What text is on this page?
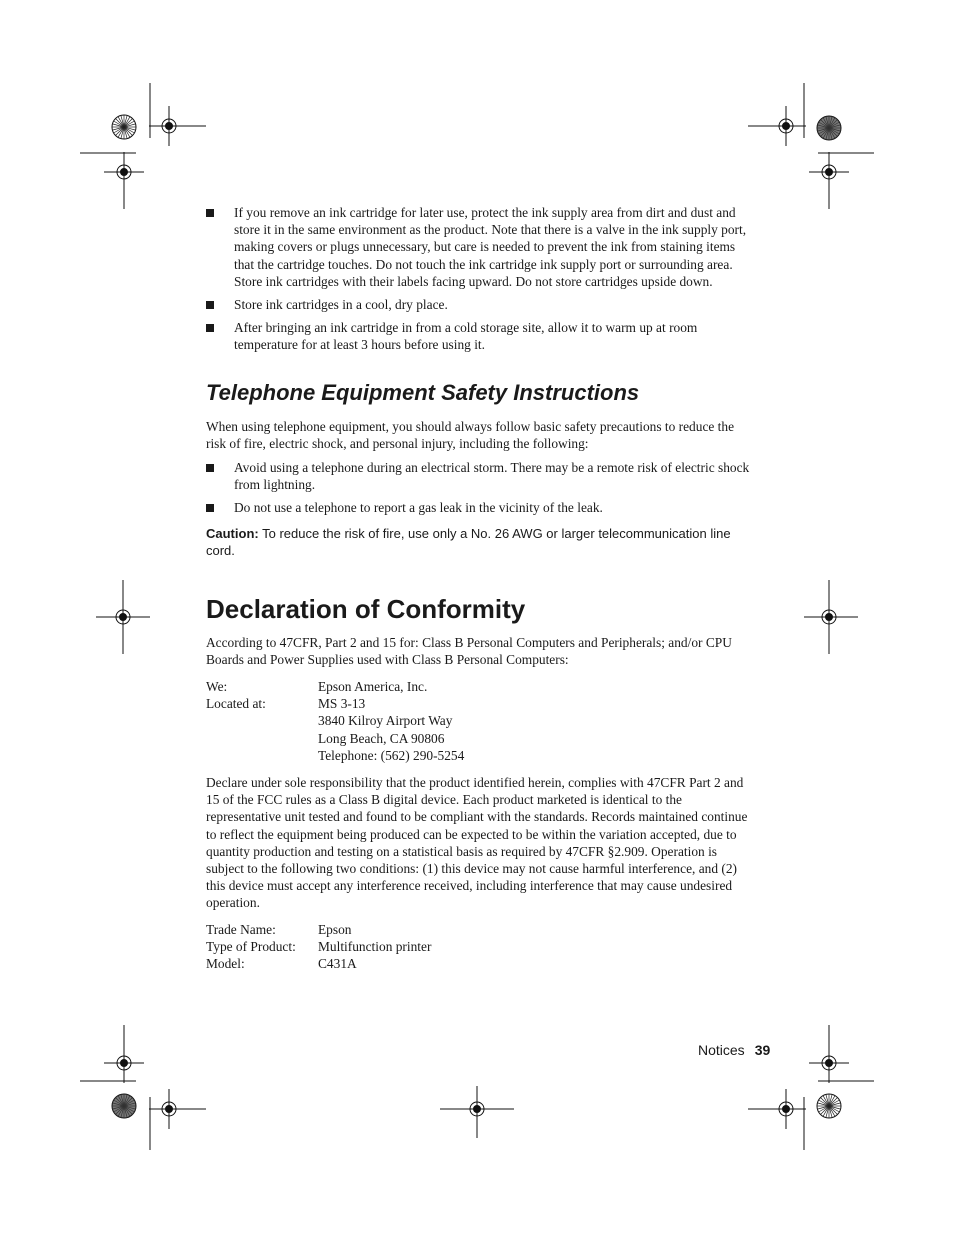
If you remove an ink cartridge for later use, protect the ink supply area from dirt and dust and store it in the same environment as the product. Note that there is a valve in the ink supply port, making covers or plugs unnecessary, but care is needed to prevent the ink from staining items that the cartridge touches. Do not touch the ink cartridge ink supply port or surrounding area. Store ink cartridges with their labels facing upward. Do not store cartridges upside down.
Store ink cartridges in a cool, dry place.
After bringing an ink cartridge in from a cold storage site, allow it to warm up at room temperature for at least 3 hours before using it.
Telephone Equipment Safety Instructions

When using telephone equipment, you should always follow basic safety precautions to reduce the risk of fire, electric shock, and personal injury, including the following:

Avoid using a telephone during an electrical storm. There may be a remote risk of electric shock from lightning.
Do not use a telephone to report a gas leak in the vicinity of the leak.

Caution: To reduce the risk of fire, use only a No. 26 AWG or larger telecommunication line cord.

Declaration of Conformity

According to 47CFR, Part 2 and 15 for: Class B Personal Computers and Peripherals; and/or CPU Boards and Power Supplies used with Class B Personal Computers:

We:	Epson America, Inc.
Located at:	MS 3-13
3840 Kilroy Airport Way
Long Beach, CA 90806
Telephone: (562) 290-5254

Declare under sole responsibility that the product identified herein, complies with 47CFR Part 2 and 15 of the FCC rules as a Class B digital device. Each product marketed is identical to the representative unit tested and found to be compliant with the standards. Records maintained continue to reflect the equipment being produced can be expected to be within the variation accepted, due to quantity production and testing on a statistical basis as required by 47CFR §2.909. Operation is subject to the following two conditions: (1) this device may not cause harmful interference, and (2) this device must accept any interference received, including interference that may cause undesired operation.

Trade Name:	Epson
Type of Product:	Multifunction printer
Model:	C431A
Notices 39
